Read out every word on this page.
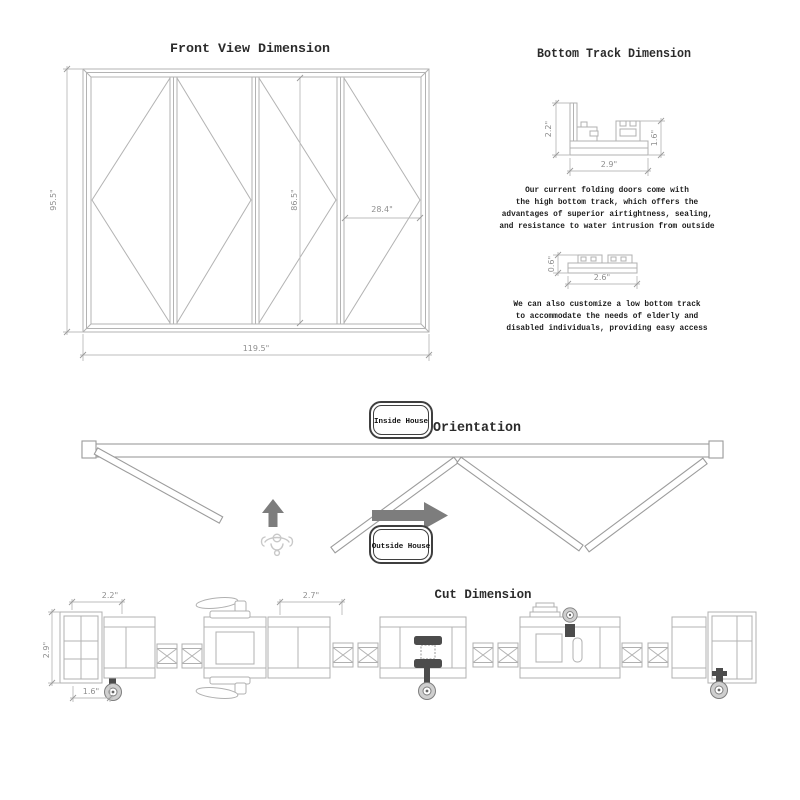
Front View Dimension
95.5"
119.5"
86.5"	28.4"
Bottom Track Dimension
2.2"
1.6"
2.9"
Our current folding doors come with
the high bottom track, which offers the
advantages of superior airtightness, sealing,
and resistance to water intrusion from outside
0.6"
2.6"
We can also customize a low bottom track
to accommodate the needs of elderly and
disabled individuals, providing easy access
Inside House Orientation
Outside House
Cut Dimension
2.2"	2.7"
2.9"
1.6"
